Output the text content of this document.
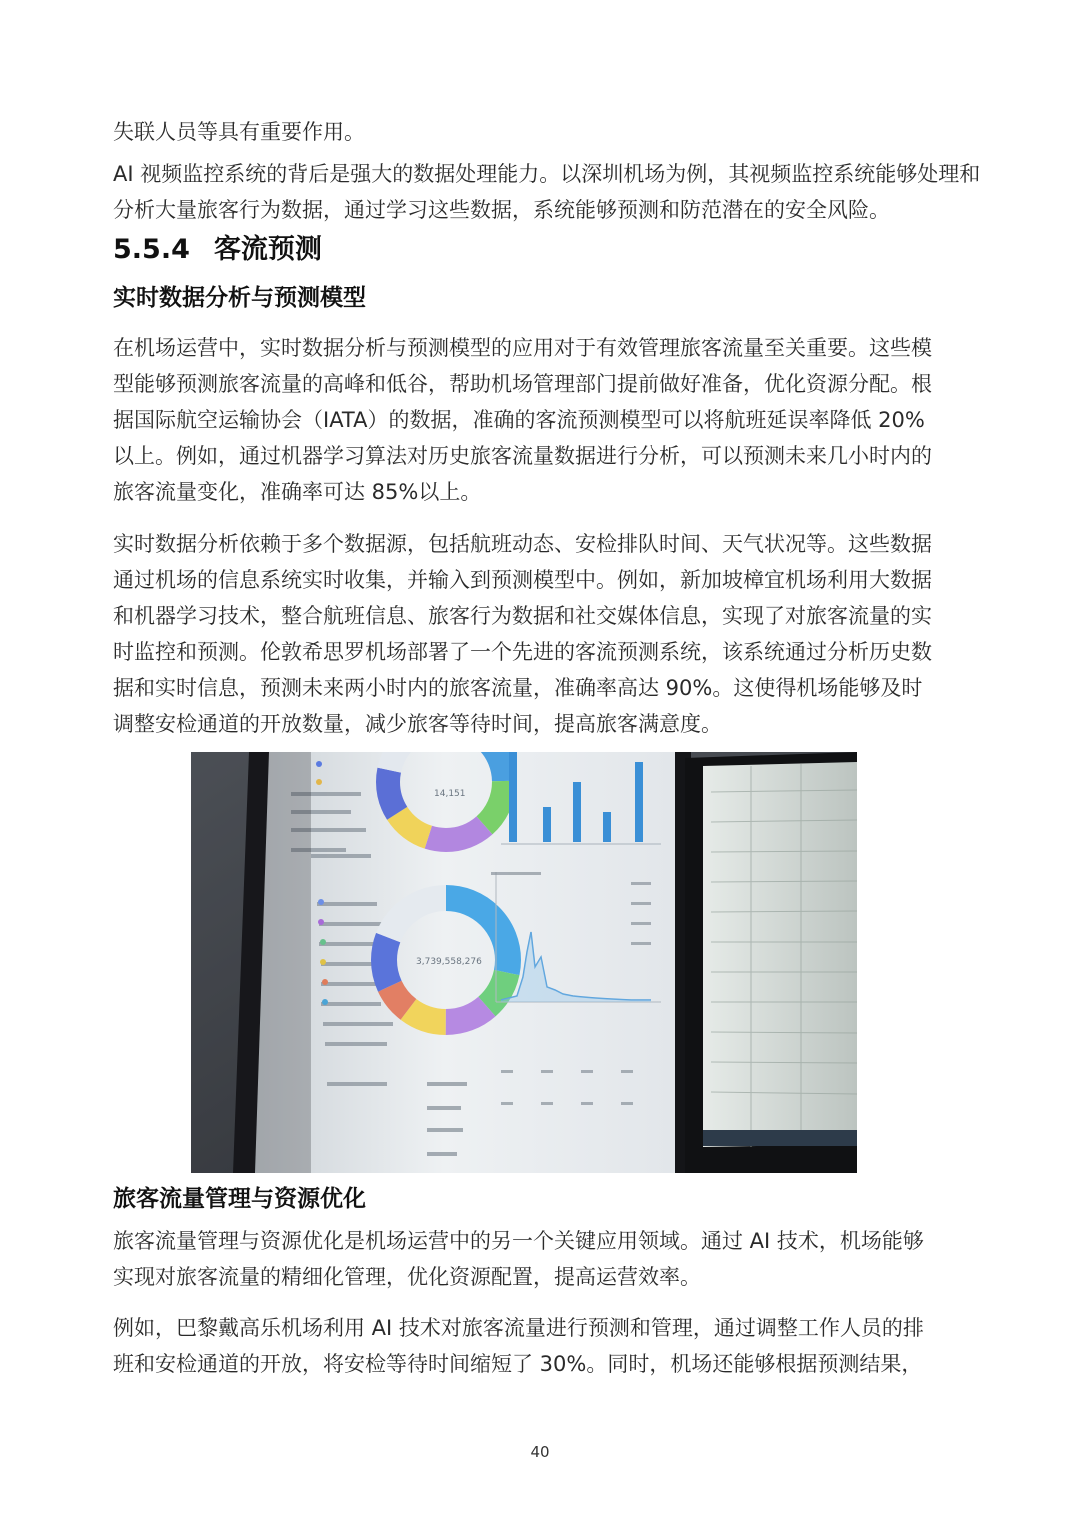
失联人员等具有重要作用。

AI 视频监控系统的背后是强大的数据处理能力。以深圳机场为例，其视频监控系统能够处理和
分析大量旅客行为数据，通过学习这些数据，系统能够预测和防范潜在的安全风险。

5.5.4 客流预测
实时数据分析与预测模型

在机场运营中，实时数据分析与预测模型的应用对于有效管理旅客流量至关重要。这些模
型能够预测旅客流量的高峰和低谷，帮助机场管理部门提前做好准备，优化资源分配。根
据国际航空运输协会（IATA）的数据，准确的客流预测模型可以将航班延误率降低 20%
以上。例如，通过机器学习算法对历史旅客流量数据进行分析，可以预测未来几小时内的
旅客流量变化，准确率可达 85%以上。

实时数据分析依赖于多个数据源，包括航班动态、安检排队时间、天气状况等。这些数据
通过机场的信息系统实时收集，并输入到预测模型中。例如，新加坡樟宜机场利用大数据
和机器学习技术，整合航班信息、旅客行为数据和社交媒体信息，实现了对旅客流量的实
时监控和预测。伦敦希思罗机场部署了一个先进的客流预测系统，该系统通过分析历史数
据和实时信息，预测未来两小时内的旅客流量，准确率高达 90%。这使得机场能够及时
调整安检通道的开放数量，减少旅客等待时间，提高旅客满意度。

14,151
3,739,558,276
旅客流量管理与资源优化

旅客流量管理与资源优化是机场运营中的另一个关键应用领域。通过 AI 技术，机场能够
实现对旅客流量的精细化管理，优化资源配置，提高运营效率。

例如，巴黎戴高乐机场利用 AI 技术对旅客流量进行预测和管理，通过调整工作人员的排
班和安检通道的开放，将安检等待时间缩短了 30%。同时，机场还能够根据预测结果，

40
